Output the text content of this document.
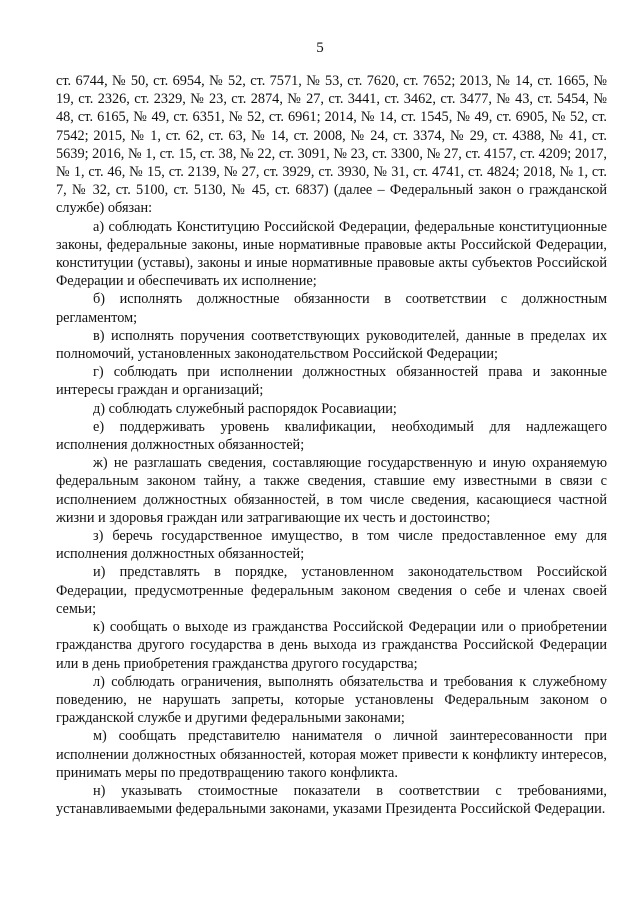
5

ст. 6744, № 50, ст. 6954, № 52, ст. 7571, № 53, ст. 7620, ст. 7652; 2013, № 14, ст. 1665, № 19, ст. 2326, ст. 2329, № 23, ст. 2874, № 27, ст. 3441, ст. 3462, ст. 3477, № 43, ст. 5454, № 48, ст. 6165, № 49, ст. 6351, № 52, ст. 6961; 2014, № 14, ст. 1545, № 49, ст. 6905, № 52, ст. 7542; 2015, № 1, ст. 62, ст. 63, № 14, ст. 2008, № 24, ст. 3374, № 29, ст. 4388, № 41, ст. 5639; 2016, № 1, ст. 15, ст. 38, № 22, ст. 3091, № 23, ст. 3300, № 27, ст. 4157, ст. 4209; 2017, № 1, ст. 46, № 15, ст. 2139, № 27, ст. 3929, ст. 3930, № 31, ст. 4741, ст. 4824; 2018, № 1, ст. 7, № 32, ст. 5100, ст. 5130, № 45, ст. 6837) (далее – Федеральный закон о гражданской службе) обязан:

а) соблюдать Конституцию Российской Федерации, федеральные конституционные законы, федеральные законы, иные нормативные правовые акты Российской Федерации, конституции (уставы), законы и иные нормативные правовые акты субъектов Российской Федерации и обеспечивать их исполнение;

б) исполнять должностные обязанности в соответствии с должностным регламентом;

в) исполнять поручения соответствующих руководителей, данные в пределах их полномочий, установленных законодательством Российской Федерации;

г) соблюдать при исполнении должностных обязанностей права и законные интересы граждан и организаций;

д) соблюдать служебный распорядок Росавиации;

е) поддерживать уровень квалификации, необходимый для надлежащего исполнения должностных обязанностей;

ж) не разглашать сведения, составляющие государственную и иную охраняемую федеральным законом тайну, а также сведения, ставшие ему известными в связи с исполнением должностных обязанностей, в том числе сведения, касающиеся частной жизни и здоровья граждан или затрагивающие их честь и достоинство;

з) беречь государственное имущество, в том числе предоставленное ему для исполнения должностных обязанностей;

и) представлять в порядке, установленном законодательством Российской Федерации, предусмотренные федеральным законом сведения о себе и членах своей семьи;

к) сообщать о выходе из гражданства Российской Федерации или о приобретении гражданства другого государства в день выхода из гражданства Российской Федерации или в день приобретения гражданства другого государства;

л) соблюдать ограничения, выполнять обязательства и требования к служебному поведению, не нарушать запреты, которые установлены Федеральным законом о гражданской службе и другими федеральными законами;

м) сообщать представителю нанимателя о личной заинтересованности при исполнении должностных обязанностей, которая может привести к конфликту интересов, принимать меры по предотвращению такого конфликта.

н) указывать стоимостные показатели в соответствии с требованиями, устанавливаемыми федеральными законами, указами Президента Российской Федерации.
